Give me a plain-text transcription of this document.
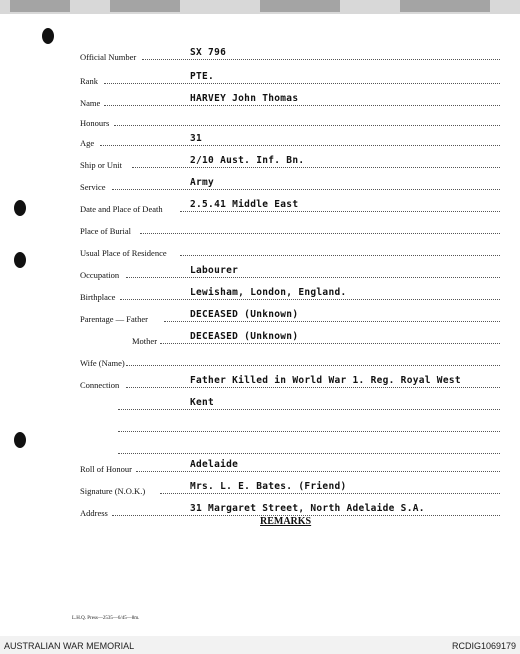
Official Number	SX 796
Rank	PTE.
Name	HARVEY John Thomas
Honours
Age	31
Ship or Unit	2/10 Aust. Inf. Bn.
Service	Army
Date and Place of Death	2.5.41 Middle East
Place of Burial
Usual Place of Residence
Occupation	Labourer
Birthplace	Lewisham, London, England.
Parentage — Father	DECEASED (Unknown)
Mother	DECEASED (Unknown)
Wife (Name)
Connection	Father Killed in World War 1. Reg. Royal West
Kent
Roll of Honour	Adelaide
Signature (N.O.K.)	Mrs. L. E. Bates. (Friend)
Address	31 Margaret Street, North Adelaide S.A.
REMARKS
L.H.Q. Press—2535—6/45—8m.
AUSTRALIAN WAR MEMORIAL	RCDIG1069179
